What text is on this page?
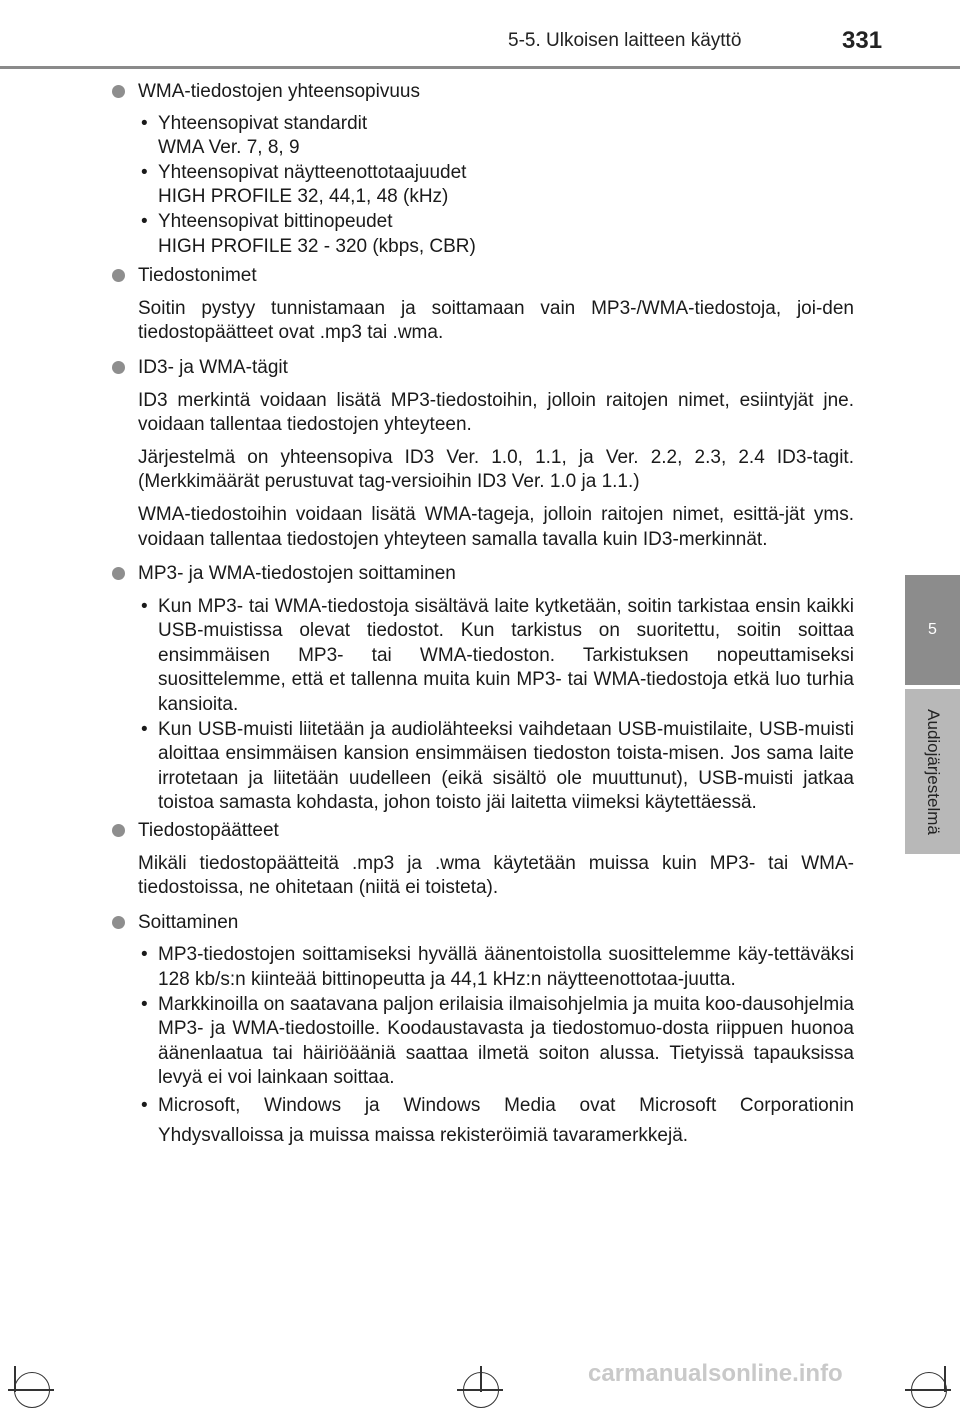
5-5. Ulkoisen laitteen käyttö	331
5
Audiojärjestelmä
WMA-tiedostojen yhteensopivuus
• Yhteensopivat standardit
WMA Ver. 7, 8, 9
• Yhteensopivat näytteenottotaajuudet
HIGH PROFILE 32, 44,1, 48 (kHz)
• Yhteensopivat bittinopeudet
HIGH PROFILE 32 - 320 (kbps, CBR)
Tiedostonimet
Soitin pystyy tunnistamaan ja soittamaan vain MP3-/WMA-tiedostoja, joi-den tiedostopäätteet ovat .mp3 tai .wma.
ID3- ja WMA-tägit
ID3 merkintä voidaan lisätä MP3-tiedostoihin, jolloin raitojen nimet, esiintyjät jne. voidaan tallentaa tiedostojen yhteyteen.
Järjestelmä on yhteensopiva ID3 Ver. 1.0, 1.1, ja Ver. 2.2, 2.3, 2.4 ID3-tagit. (Merkkimäärät perustuvat tag-versioihin ID3 Ver. 1.0 ja 1.1.)
WMA-tiedostoihin voidaan lisätä WMA-tageja, jolloin raitojen nimet, esittä-jät yms. voidaan tallentaa tiedostojen yhteyteen samalla tavalla kuin ID3-merkinnät.
MP3- ja WMA-tiedostojen soittaminen
• Kun MP3- tai WMA-tiedostoja sisältävä laite kytketään, soitin tarkistaa ensin kaikki USB-muistissa olevat tiedostot. Kun tarkistus on suoritettu, soitin soittaa ensimmäisen MP3- tai WMA-tiedoston. Tarkistuksen nopeuttamiseksi suosittelemme, että et tallenna muita kuin MP3- tai WMA-tiedostoja etkä luo turhia kansioita.
• Kun USB-muisti liitetään ja audiolähteeksi vaihdetaan USB-muistilaite, USB-muisti aloittaa ensimmäisen kansion ensimmäisen tiedoston toista-misen. Jos sama laite irrotetaan ja liitetään uudelleen (eikä sisältö ole muuttunut), USB-muisti jatkaa toistoa samasta kohdasta, johon toisto jäi laitetta viimeksi käytettäessä.
Tiedostopäätteet
Mikäli tiedostopäätteitä .mp3 ja .wma käytetään muissa kuin MP3- tai WMA-tiedostoissa, ne ohitetaan (niitä ei toisteta).
Soittaminen
• MP3-tiedostojen soittamiseksi hyvällä äänentoistolla suosittelemme käy-tettäväksi 128 kb/s:n kiinteää bittinopeutta ja 44,1 kHz:n näytteenottotaa-juutta.
• Markkinoilla on saatavana paljon erilaisia ilmaisohjelmia ja muita koo-dausohjelmia MP3- ja WMA-tiedostoille. Koodaustavasta ja tiedostomuo-dosta riippuen huonoa äänenlaatua tai häiriöääniä saattaa ilmetä soiton alussa. Tietyissä tapauksissa levyä ei voi lainkaan soittaa.
• Microsoft, Windows ja Windows Media ovat Microsoft Corporationin Yhdysvalloissa ja muissa maissa rekisteröimiä tavaramerkkejä.
carmanualsonline.info
